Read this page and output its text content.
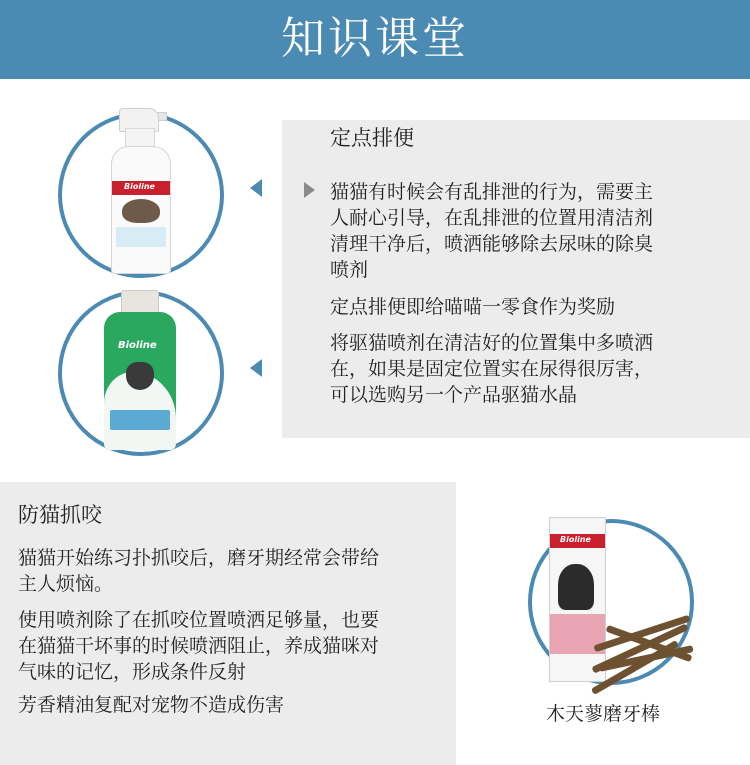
知识课堂
Bioline
Bioline
定点排便
猫猫有时候会有乱排泄的行为，需要主
人耐心引导，在乱排泄的位置用清洁剂
清理干净后，喷洒能够除去尿味的除臭
喷剂
定点排便即给喵喵一零食作为奖励
将驱猫喷剂在清洁好的位置集中多喷洒
在，如果是固定位置实在尿得很厉害，
可以选购另一个产品驱猫水晶
防猫抓咬
猫猫开始练习扑抓咬后，磨牙期经常会带给
主人烦恼。
使用喷剂除了在抓咬位置喷洒足够量，也要
在猫猫干坏事的时候喷洒阻止，养成猫咪对
气味的记忆，形成条件反射
芳香精油复配对宠物不造成伤害
Bioline
木天蓼磨牙棒
